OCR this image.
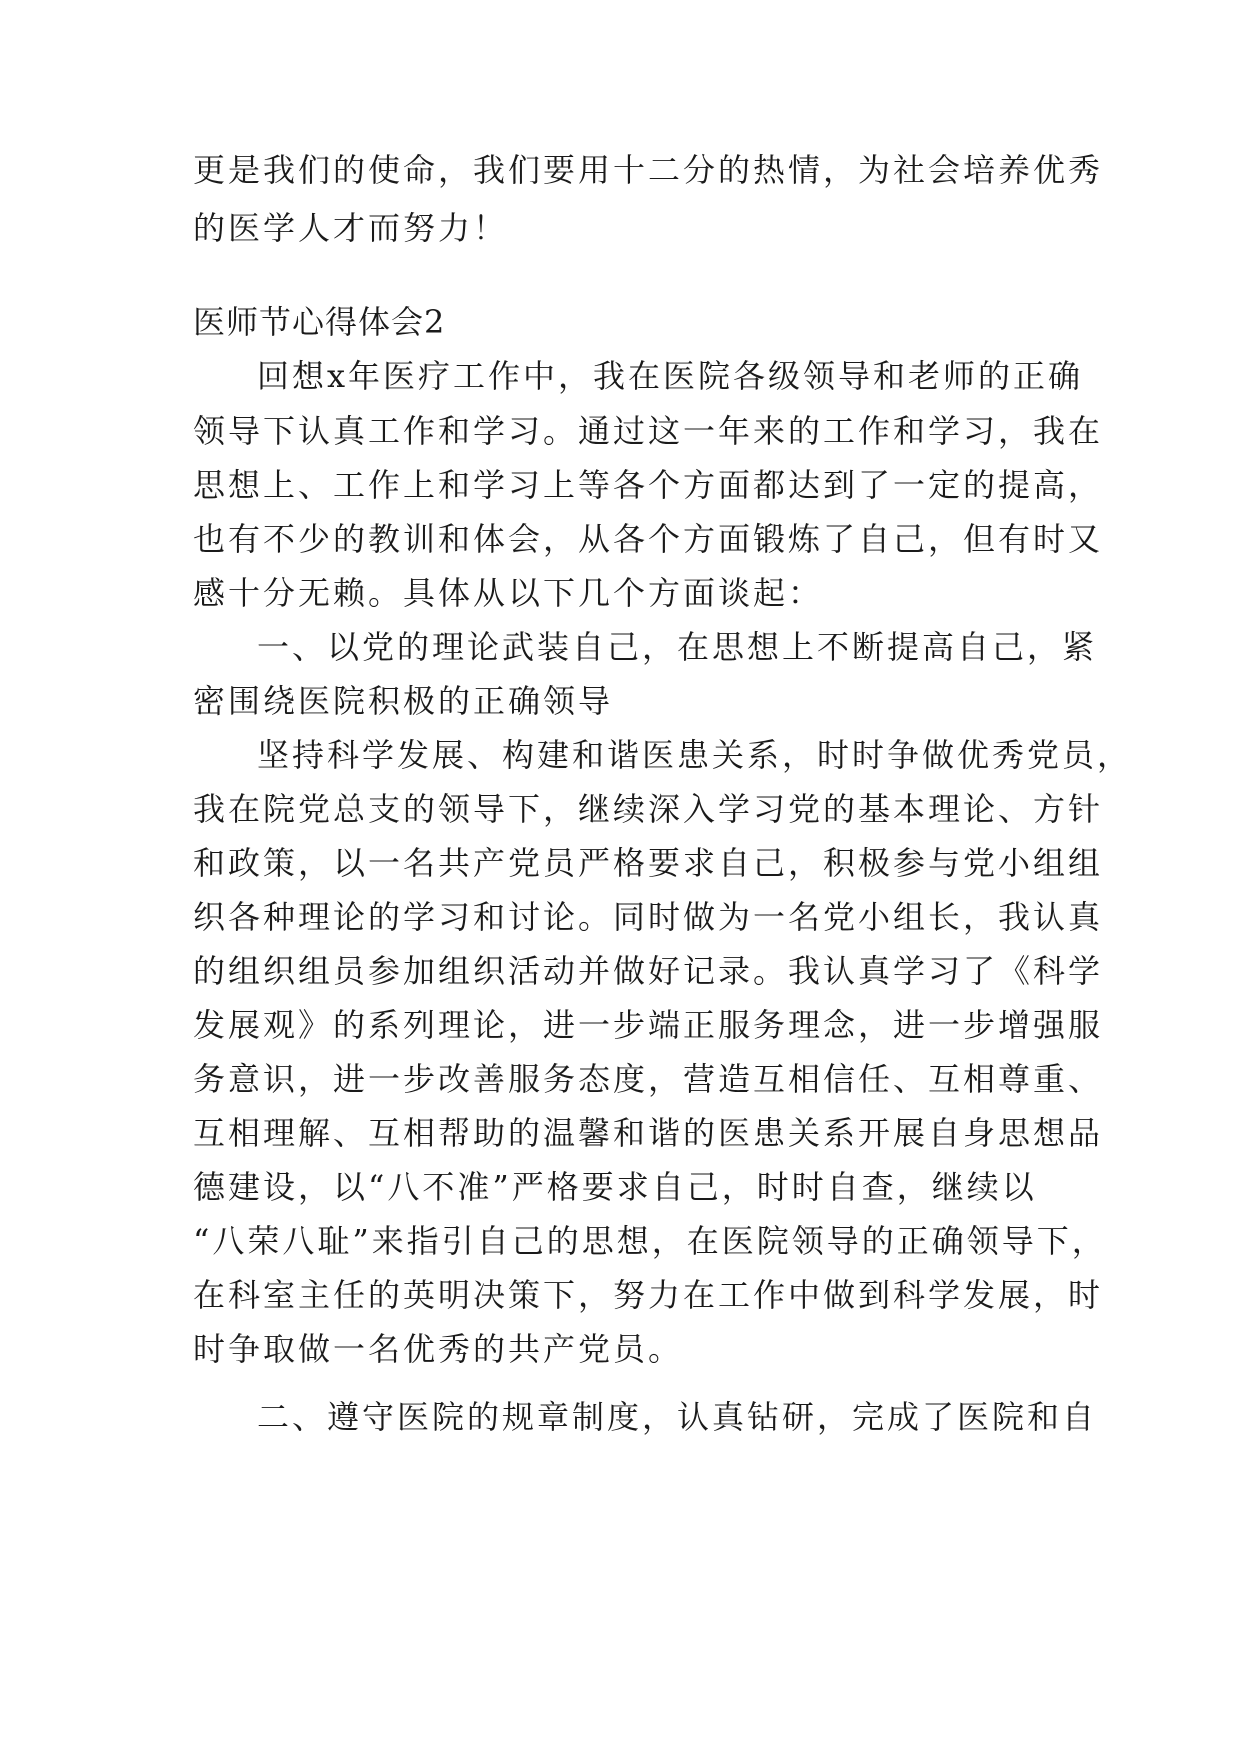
更是我们的使命，我们要用十二分的热情，为社会培养优秀
的医学人才而努力！
医师节心得体会2
回想x年医疗工作中，我在医院各级领导和老师的正确
领导下认真工作和学习。通过这一年来的工作和学习，我在
思想上、工作上和学习上等各个方面都达到了一定的提高，
也有不少的教训和体会，从各个方面锻炼了自己，但有时又
感十分无赖。具体从以下几个方面谈起：
一、以党的理论武装自己，在思想上不断提高自己，紧
密围绕医院积极的正确领导
坚持科学发展、构建和谐医患关系，时时争做优秀党员，
我在院党总支的领导下，继续深入学习党的基本理论、方针
和政策，以一名共产党员严格要求自己，积极参与党小组组
织各种理论的学习和讨论。同时做为一名党小组长，我认真
的组织组员参加组织活动并做好记录。我认真学习了《科学
发展观》的系列理论，进一步端正服务理念，进一步增强服
务意识，进一步改善服务态度，营造互相信任、互相尊重、
互相理解、互相帮助的温馨和谐的医患关系开展自身思想品
德建设，以“八不准”严格要求自己，时时自查，继续以
“八荣八耻”来指引自己的思想，在医院领导的正确领导下，
在科室主任的英明决策下，努力在工作中做到科学发展，时
时争取做一名优秀的共产党员。
二、遵守医院的规章制度，认真钻研，完成了医院和自
